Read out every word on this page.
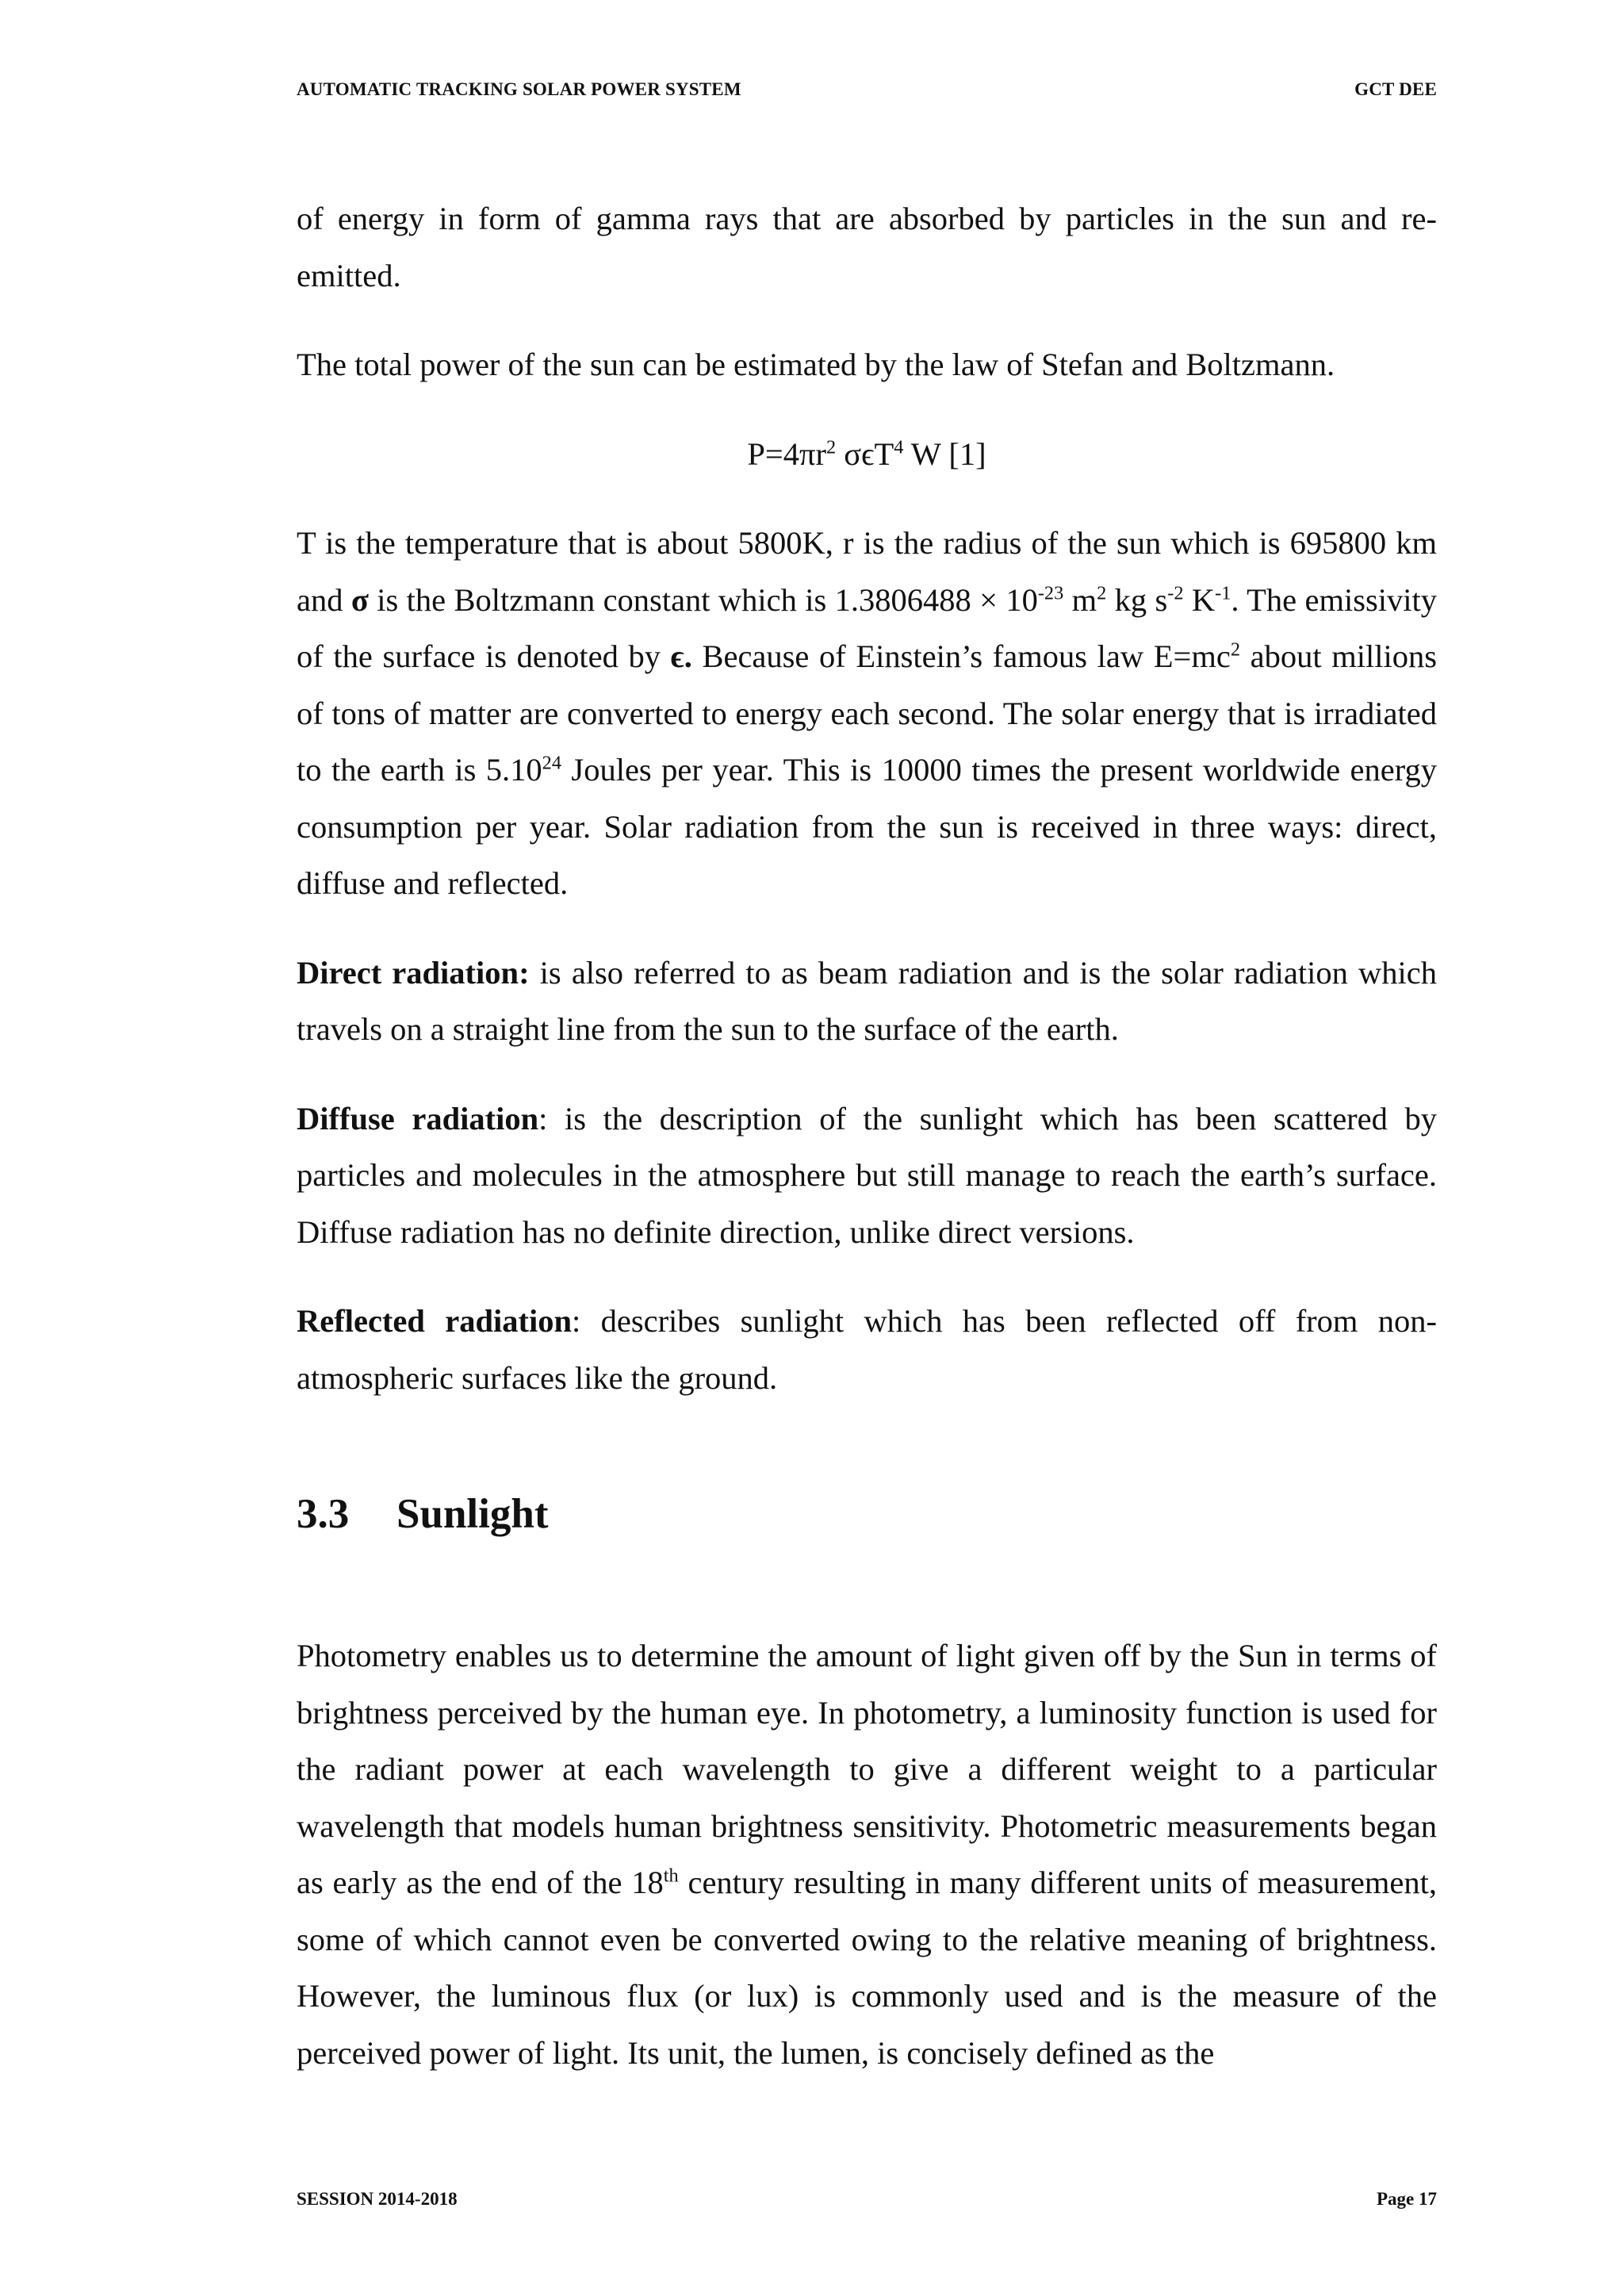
AUTOMATIC TRACKING SOLAR POWER SYSTEM	GCT DEE

of energy in form of gamma rays that are absorbed by particles in the sun and re-emitted.

The total power of the sun can be estimated by the law of Stefan and Boltzmann.

$P=4\pi r^2$ σϵT$^4$ W [1]

T is the temperature that is about 5800K, r is the radius of the sun which is 695800 km and σ is the Boltzmann constant which is $1.3806488 \times 10^{-23}$ $m^2$ kg $s^{-2}$ $K^{-1}$. The emissivity of the surface is denoted by ϵ. Because of Einstein’s famous law $E=mc^2$ about millions of tons of matter are converted to energy each second. The solar energy that is irradiated to the earth is 5.10$^{24}$ Joules per year. This is 10000 times the present worldwide energy consumption per year. Solar radiation from the sun is received in three ways: direct, diffuse and reflected.

Direct radiation: is also referred to as beam radiation and is the solar radiation which travels on a straight line from the sun to the surface of the earth.

Diffuse radiation: is the description of the sunlight which has been scattered by particles and molecules in the atmosphere but still manage to reach the earth’s surface. Diffuse radiation has no definite direction, unlike direct versions.

Reflected radiation: describes sunlight which has been reflected off from non-atmospheric surfaces like the ground.

3.3 Sunlight

Photometry enables us to determine the amount of light given off by the Sun in terms of brightness perceived by the human eye. In photometry, a luminosity function is used for the radiant power at each wavelength to give a different weight to a particular wavelength that models human brightness sensitivity. Photometric measurements began as early as the end of the 18th century resulting in many different units of measurement, some of which cannot even be converted owing to the relative meaning of brightness. However, the luminous flux (or lux) is commonly used and is the measure of the perceived power of light. Its unit, the lumen, is concisely defined as the

SESSION 2014-2018	Page 17
